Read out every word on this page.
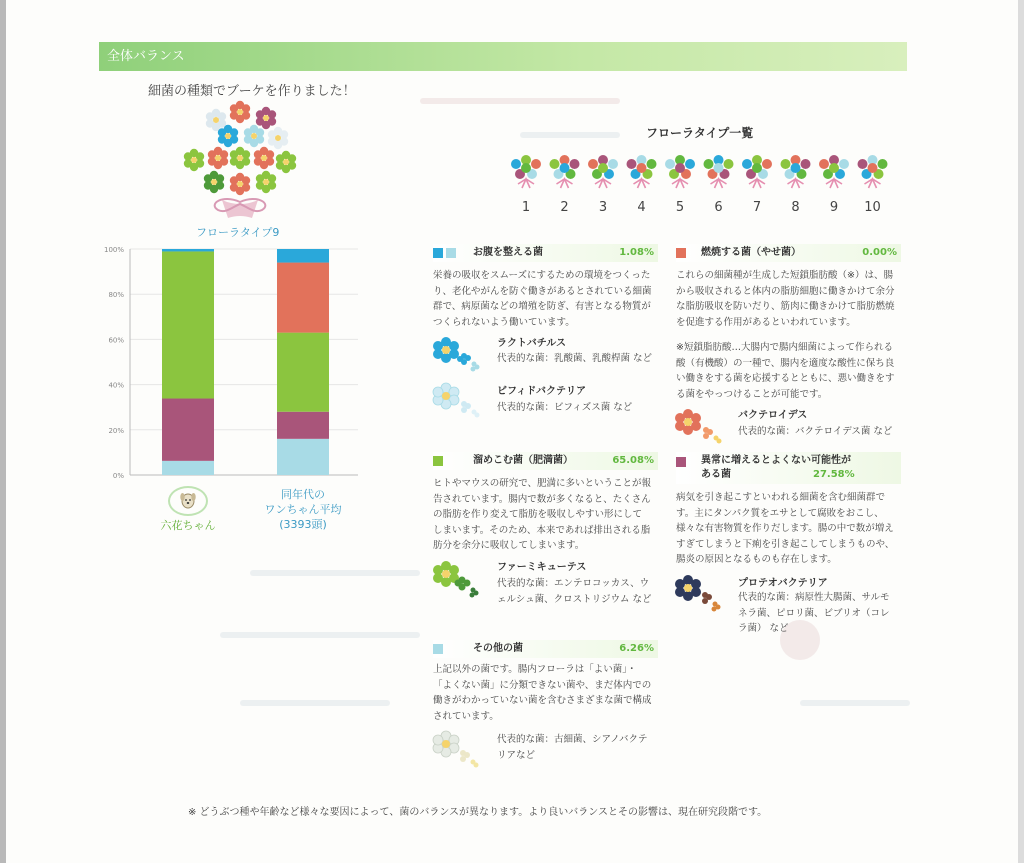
全体バランス
細菌の種類でブーケを作りました！
フローラタイプ9
フローラタイプ一覧
1	2	3	4	5	6	7	8	9	10
0%
20%
40%
60%
80%
100%
六花ちゃん
同年代の
ワンちゃん平均
(3393頭)
お腹を整える菌	1.08%
栄養の吸収をスムーズにするための環境をつくった
り、老化やがんを防ぐ働きがあるとされている細菌
群で、病原菌などの増殖を防ぎ、有害となる物質が
つくられないよう働いています。
ラクトバチルス
代表的な菌：乳酸菌、乳酸桿菌 など
ビフィドバクテリア
代表的な菌：ビフィズス菌 など
燃焼する菌（やせ菌）	0.00%
これらの細菌種が生成した短鎖脂肪酸（※）は、腸
から吸収されると体内の脂肪細胞に働きかけて余分
な脂肪吸収を防いだり、筋肉に働きかけて脂肪燃焼
を促進する作用があるといわれています。
※短鎖脂肪酸…大腸内で腸内細菌によって作られる
酸（有機酸）の一種で、腸内を適度な酸性に保ち良
い働きをする菌を応援するとともに、悪い働きをす
る菌をやっつけることが可能です。
バクテロイデス
代表的な菌：バクテロイデス菌 など
溜めこむ菌（肥満菌）	65.08%
ヒトやマウスの研究で、肥満に多いということが報
告されています。腸内で数が多くなると、たくさん
の脂肪を作り変えて脂肪を吸収しやすい形にして
しまいます。そのため、本来であれば排出される脂
肪分を余分に吸収してしまいます。
ファーミキューテス
代表的な菌：エンテロコッカス、ウ
ェルシュ菌、クロストリジウム など
異常に増えるとよくない可能性が
ある菌	27.58%
病気を引き起こすといわれる細菌を含む細菌群で
す。主にタンパク質をエサとして腐敗をおこし、
様々な有害物質を作りだします。腸の中で数が増え
すぎてしまうと下痢を引き起こしてしまうものや、
腸炎の原因となるものも存在します。
プロテオバクテリア
代表的な菌：病原性大腸菌、サルモ
ネラ菌、ピロリ菌、ビブリオ（コレ
ラ菌） など
その他の菌	6.26%
上記以外の菌です。腸内フローラは「よい菌」・
「よくない菌」に分類できない菌や、まだ体内での
働きがわかっていない菌を含むさまざまな菌で構成
されています。
代表的な菌：古細菌、シアノバクテ
リアなど
※ どうぶつ種や年齢など様々な要因によって、菌のバランスが異なります。より良いバランスとその影響は、現在研究段階です。
